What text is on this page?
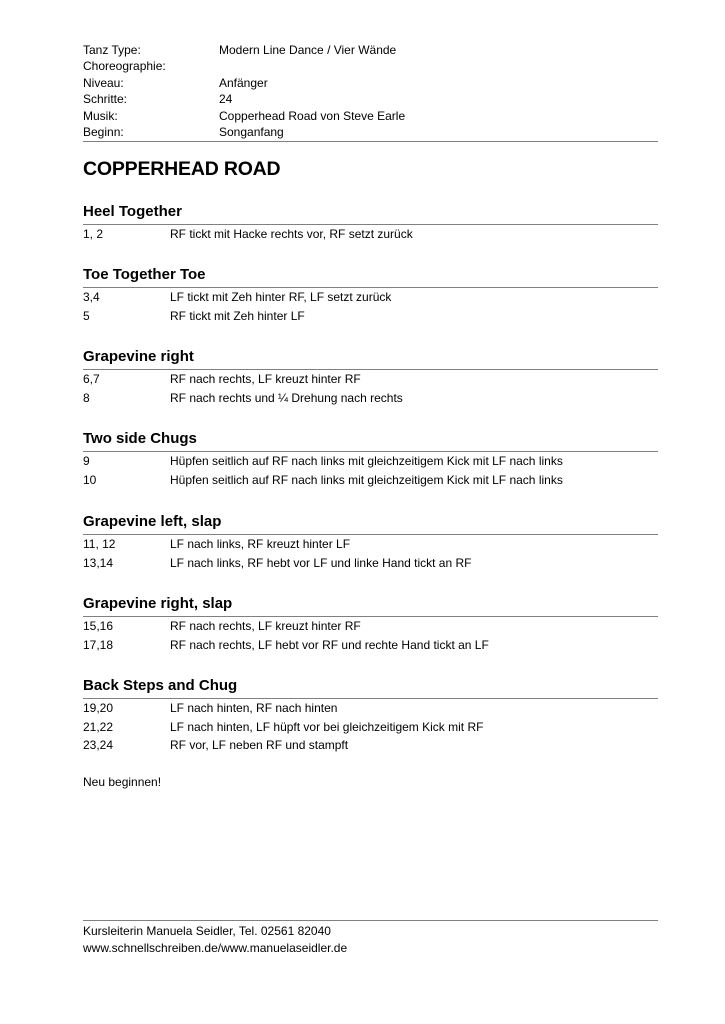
Tanz Type:	Modern Line Dance / Vier Wände
Choreographie:
Niveau:	Anfänger
Schritte:	24
Musik:	Copperhead Road von Steve Earle
Beginn:	Songanfang
COPPERHEAD ROAD
Heel Together
1, 2	RF tickt mit Hacke rechts vor, RF setzt zurück
Toe Together Toe
3,4	LF tickt mit Zeh hinter RF, LF setzt zurück
5	RF tickt mit Zeh hinter LF
Grapevine right
6,7	RF nach rechts, LF kreuzt hinter RF
8	RF nach rechts und ¼ Drehung nach rechts
Two side Chugs
9	Hüpfen seitlich auf RF nach links mit gleichzeitigem Kick mit LF nach links
10	Hüpfen seitlich auf RF nach links mit gleichzeitigem Kick mit LF nach links
Grapevine left, slap
11, 12	LF nach links, RF kreuzt hinter LF
13,14	LF nach links, RF hebt vor LF und linke Hand tickt an RF
Grapevine right, slap
15,16	RF nach rechts, LF kreuzt hinter RF
17,18	RF nach rechts, LF hebt vor RF und rechte Hand tickt an LF
Back Steps and Chug
19,20	LF nach hinten, RF nach hinten
21,22	LF nach hinten, LF hüpft vor bei gleichzeitigem Kick mit RF
23,24	RF vor, LF neben RF und stampft
Neu beginnen!
Kursleiterin Manuela Seidler, Tel. 02561 82040
www.schnellschreiben.de/www.manuelaseidler.de
